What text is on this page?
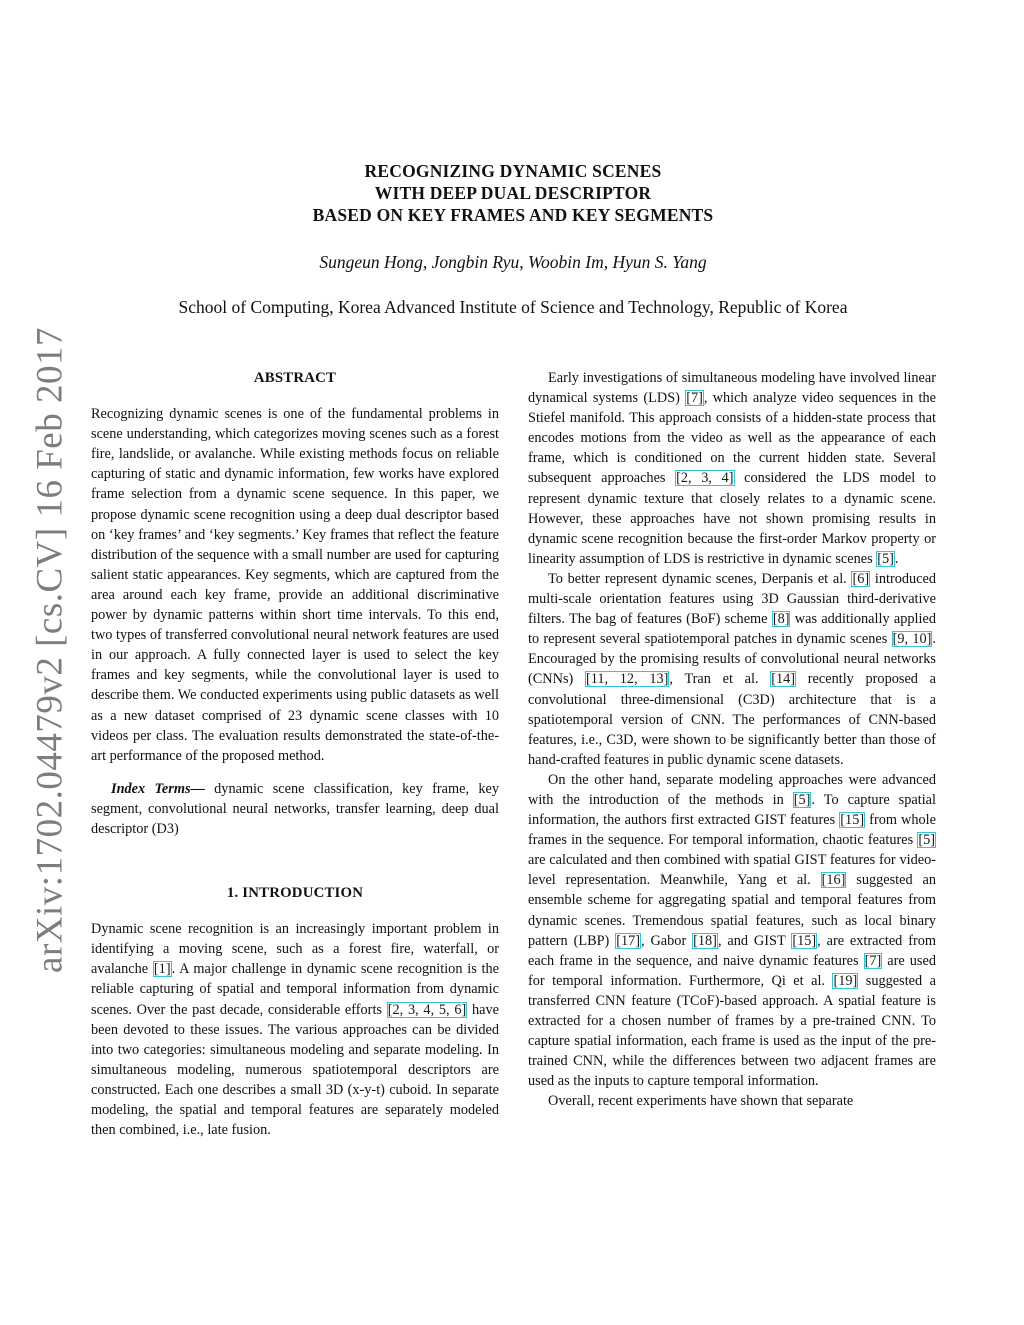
arXiv:1702.04479v2 [cs.CV] 16 Feb 2017
RECOGNIZING DYNAMIC SCENES
WITH DEEP DUAL DESCRIPTOR
BASED ON KEY FRAMES AND KEY SEGMENTS
Sungeun Hong, Jongbin Ryu, Woobin Im, Hyun S. Yang
School of Computing, Korea Advanced Institute of Science and Technology, Republic of Korea
ABSTRACT

Recognizing dynamic scenes is one of the fundamental problems in scene understanding, which categorizes moving scenes such as a forest fire, landslide, or avalanche. While existing methods focus on reliable capturing of static and dynamic information, few works have explored frame selection from a dynamic scene sequence. In this paper, we propose dynamic scene recognition using a deep dual descriptor based on ‘key frames’ and ‘key segments.’ Key frames that reflect the feature distribution of the sequence with a small number are used for capturing salient static appearances. Key segments, which are captured from the area around each key frame, provide an additional discriminative power by dynamic patterns within short time intervals. To this end, two types of transferred convolutional neural network features are used in our approach. A fully connected layer is used to select the key frames and key segments, while the convolutional layer is used to describe them. We conducted experiments using public datasets as well as a new dataset comprised of 23 dynamic scene classes with 10 videos per class. The evaluation results demonstrated the state-of-the-art performance of the proposed method.

Index Terms— dynamic scene classification, key frame, key segment, convolutional neural networks, transfer learning, deep dual descriptor (D3)

1. INTRODUCTION

Dynamic scene recognition is an increasingly important problem in identifying a moving scene, such as a forest fire, waterfall, or avalanche [1]. A major challenge in dynamic scene recognition is the reliable capturing of spatial and temporal information from dynamic scenes. Over the past decade, considerable efforts [2, 3, 4, 5, 6] have been devoted to these issues. The various approaches can be divided into two categories: simultaneous modeling and separate modeling. In simultaneous modeling, numerous spatiotemporal descriptors are constructed. Each one describes a small 3D (x-y-t) cuboid. In separate modeling, the spatial and temporal features are separately modeled then combined, i.e., late fusion.

Early investigations of simultaneous modeling have involved linear dynamical systems (LDS) [7], which analyze video sequences in the Stiefel manifold. This approach consists of a hidden-state process that encodes motions from the video as well as the appearance of each frame, which is conditioned on the current hidden state. Several subsequent approaches [2, 3, 4] considered the LDS model to represent dynamic texture that closely relates to a dynamic scene. However, these approaches have not shown promising results in dynamic scene recognition because the first-order Markov property or linearity assumption of LDS is restrictive in dynamic scenes [5].

To better represent dynamic scenes, Derpanis et al. [6] introduced multi-scale orientation features using 3D Gaussian third-derivative filters. The bag of features (BoF) scheme [8] was additionally applied to represent several spatiotemporal patches in dynamic scenes [9, 10]. Encouraged by the promising results of convolutional neural networks (CNNs) [11, 12, 13], Tran et al. [14] recently proposed a convolutional three-dimensional (C3D) architecture that is a spatiotemporal version of CNN. The performances of CNN-based features, i.e., C3D, were shown to be significantly better than those of hand-crafted features in public dynamic scene datasets.

On the other hand, separate modeling approaches were advanced with the introduction of the methods in [5]. To capture spatial information, the authors first extracted GIST features [15] from whole frames in the sequence. For temporal information, chaotic features [5] are calculated and then combined with spatial GIST features for video-level representation. Meanwhile, Yang et al. [16] suggested an ensemble scheme for aggregating spatial and temporal features from dynamic scenes. Tremendous spatial features, such as local binary pattern (LBP) [17], Gabor [18], and GIST [15], are extracted from each frame in the sequence, and naive dynamic features [7] are used for temporal information. Furthermore, Qi et al. [19] suggested a transferred CNN feature (TCoF)-based approach. A spatial feature is extracted for a chosen number of frames by a pre-trained CNN. To capture spatial information, each frame is used as the input of the pre-trained CNN, while the differences between two adjacent frames are used as the inputs to capture temporal information.

Overall, recent experiments have shown that separate
